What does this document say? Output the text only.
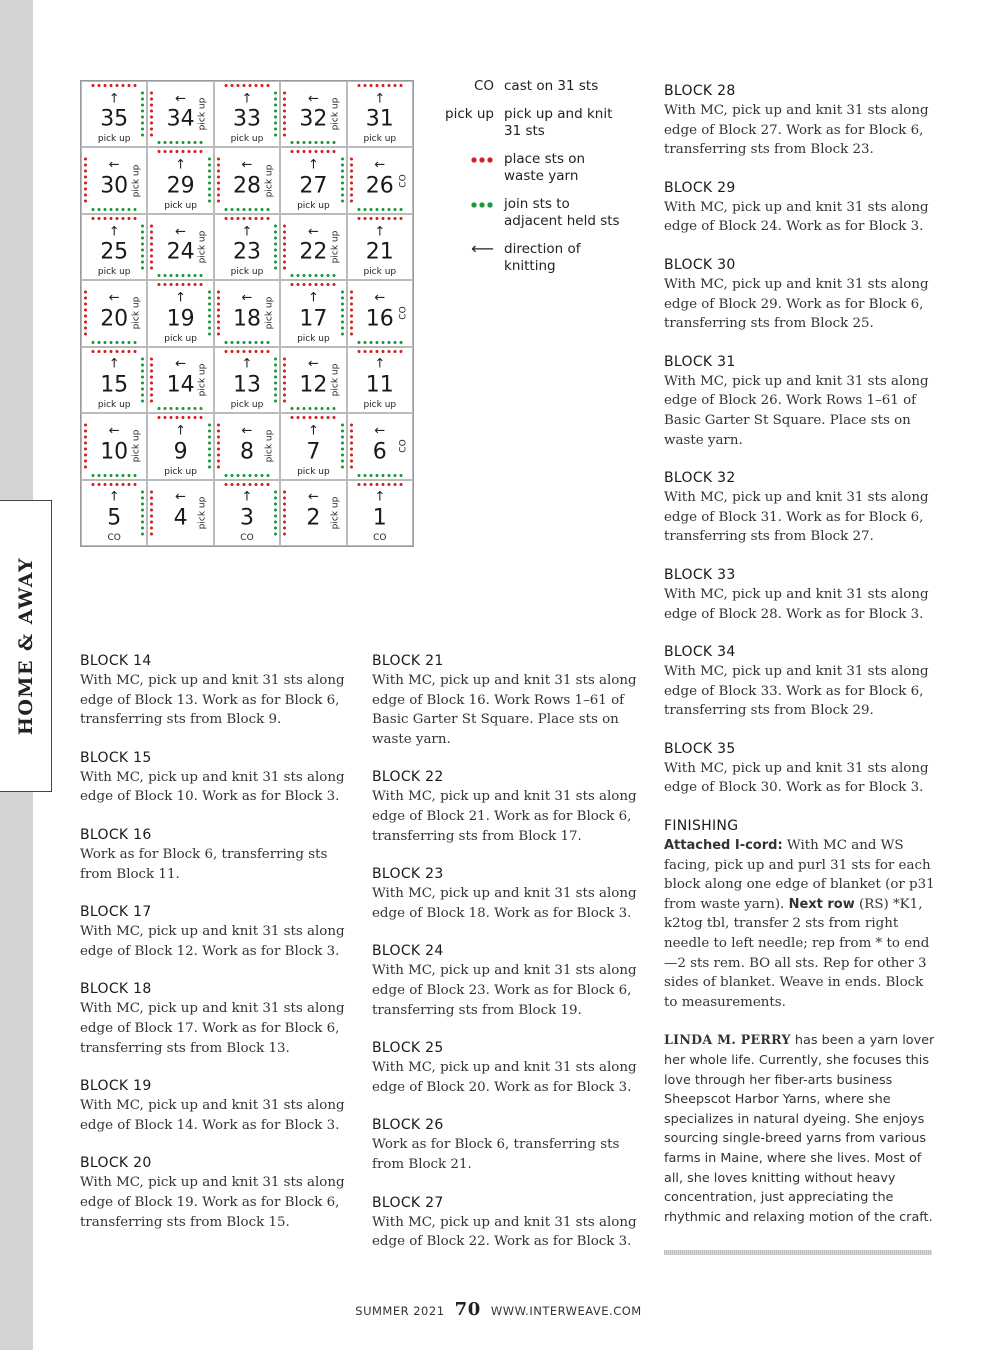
HOME & AWAY
↑
35
pick up
←
34 pick up	↑
33
pick up
←
32 pick up	↑
31
pick up
←
30 pick up	↑
29
pick up
←
28 pick up	↑
27
pick up
←
26 CO
↑
25
pick up
←
24 pick up	↑
23
pick up
←
22 pick up	↑
21
pick up
←
20 pick up	↑
19
pick up
←
18 pick up	↑
17
pick up
←
16 CO
↑
15
pick up
←
14 pick up	↑
13
pick up
←
12 pick up	↑
11
pick up
←
10 pick up	↑
9
pick up
←
8 pick up	↑
7
pick up
←
6 CO
↑
5
CO
←
4 pick up	↑
3
CO
←
2 pick up	↑
1
CO
CO cast on 31 sts
pick up pick up and knit 31 sts
place sts on waste yarn
join sts to adjacent held sts
⟵ direction of knitting
BLOCK 14
With MC, pick up and knit 31 sts along edge of Block 13. Work as for Block 6, transferring sts from Block 9.
BLOCK 15
With MC, pick up and knit 31 sts along edge of Block 10. Work as for Block 3.
BLOCK 16
Work as for Block 6, transferring sts from Block 11.
BLOCK 17
With MC, pick up and knit 31 sts along edge of Block 12. Work as for Block 3.
BLOCK 18
With MC, pick up and knit 31 sts along edge of Block 17. Work as for Block 6, transferring sts from Block 13.
BLOCK 19
With MC, pick up and knit 31 sts along edge of Block 14. Work as for Block 3.
BLOCK 20
With MC, pick up and knit 31 sts along edge of Block 19. Work as for Block 6, transferring sts from Block 15.
BLOCK 21
With MC, pick up and knit 31 sts along edge of Block 16. Work Rows 1–61 of Basic Garter St Square. Place sts on waste yarn.
BLOCK 22
With MC, pick up and knit 31 sts along edge of Block 21. Work as for Block 6, transferring sts from Block 17.
BLOCK 23
With MC, pick up and knit 31 sts along edge of Block 18. Work as for Block 3.
BLOCK 24
With MC, pick up and knit 31 sts along edge of Block 23. Work as for Block 6, transferring sts from Block 19.
BLOCK 25
With MC, pick up and knit 31 sts along edge of Block 20. Work as for Block 3.
BLOCK 26
Work as for Block 6, transferring sts from Block 21.
BLOCK 27
With MC, pick up and knit 31 sts along edge of Block 22. Work as for Block 3.
BLOCK 28
With MC, pick up and knit 31 sts along edge of Block 27. Work as for Block 6, transferring sts from Block 23.
BLOCK 29
With MC, pick up and knit 31 sts along edge of Block 24. Work as for Block 3.
BLOCK 30
With MC, pick up and knit 31 sts along edge of Block 29. Work as for Block 6, transferring sts from Block 25.
BLOCK 31
With MC, pick up and knit 31 sts along edge of Block 26. Work Rows 1–61 of Basic Garter St Square. Place sts on waste yarn.
BLOCK 32
With MC, pick up and knit 31 sts along edge of Block 31. Work as for Block 6, transferring sts from Block 27.
BLOCK 33
With MC, pick up and knit 31 sts along edge of Block 28. Work as for Block 3.
BLOCK 34
With MC, pick up and knit 31 sts along edge of Block 33. Work as for Block 6, transferring sts from Block 29.
BLOCK 35
With MC, pick up and knit 31 sts along edge of Block 30. Work as for Block 3.
FINISHING
Attached I-cord: With MC and WS facing, pick up and purl 31 sts for each block along one edge of blanket (or p31 from waste yarn). Next row (RS) *K1, k2tog tbl, transfer 2 sts from right needle to left needle; rep from * to end—2 sts rem. BO all sts. Rep for other 3 sides of blanket. Weave in ends. Block to measurements.
LINDA M. PERRY has been a yarn lover her whole life. Currently, she focuses this love through her fiber-arts business Sheepscot Harbor Yarns, where she specializes in natural dyeing. She enjoys sourcing single-breed yarns from various farms in Maine, where she lives. Most of all, she loves knitting without heavy concentration, just appreciating the rhythmic and relaxing motion of the craft.
SUMMER 2021 70 WWW.INTERWEAVE.COM
